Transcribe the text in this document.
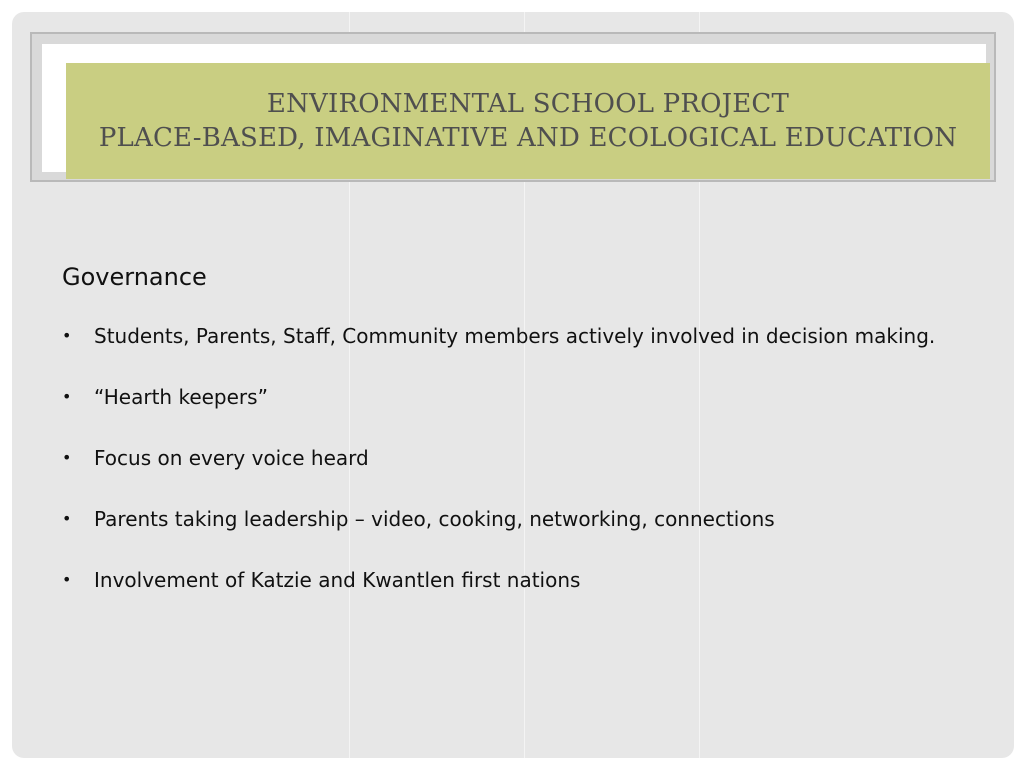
ENVIRONMENTAL SCHOOL PROJECT
PLACE-BASED, IMAGINATIVE AND ECOLOGICAL EDUCATION
Governance
• Students, Parents, Staff, Community members actively involved in decision making.
• “Hearth keepers”
• Focus on every voice heard
• Parents taking leadership – video, cooking, networking, connections
• Involvement of Katzie and Kwantlen first nations
